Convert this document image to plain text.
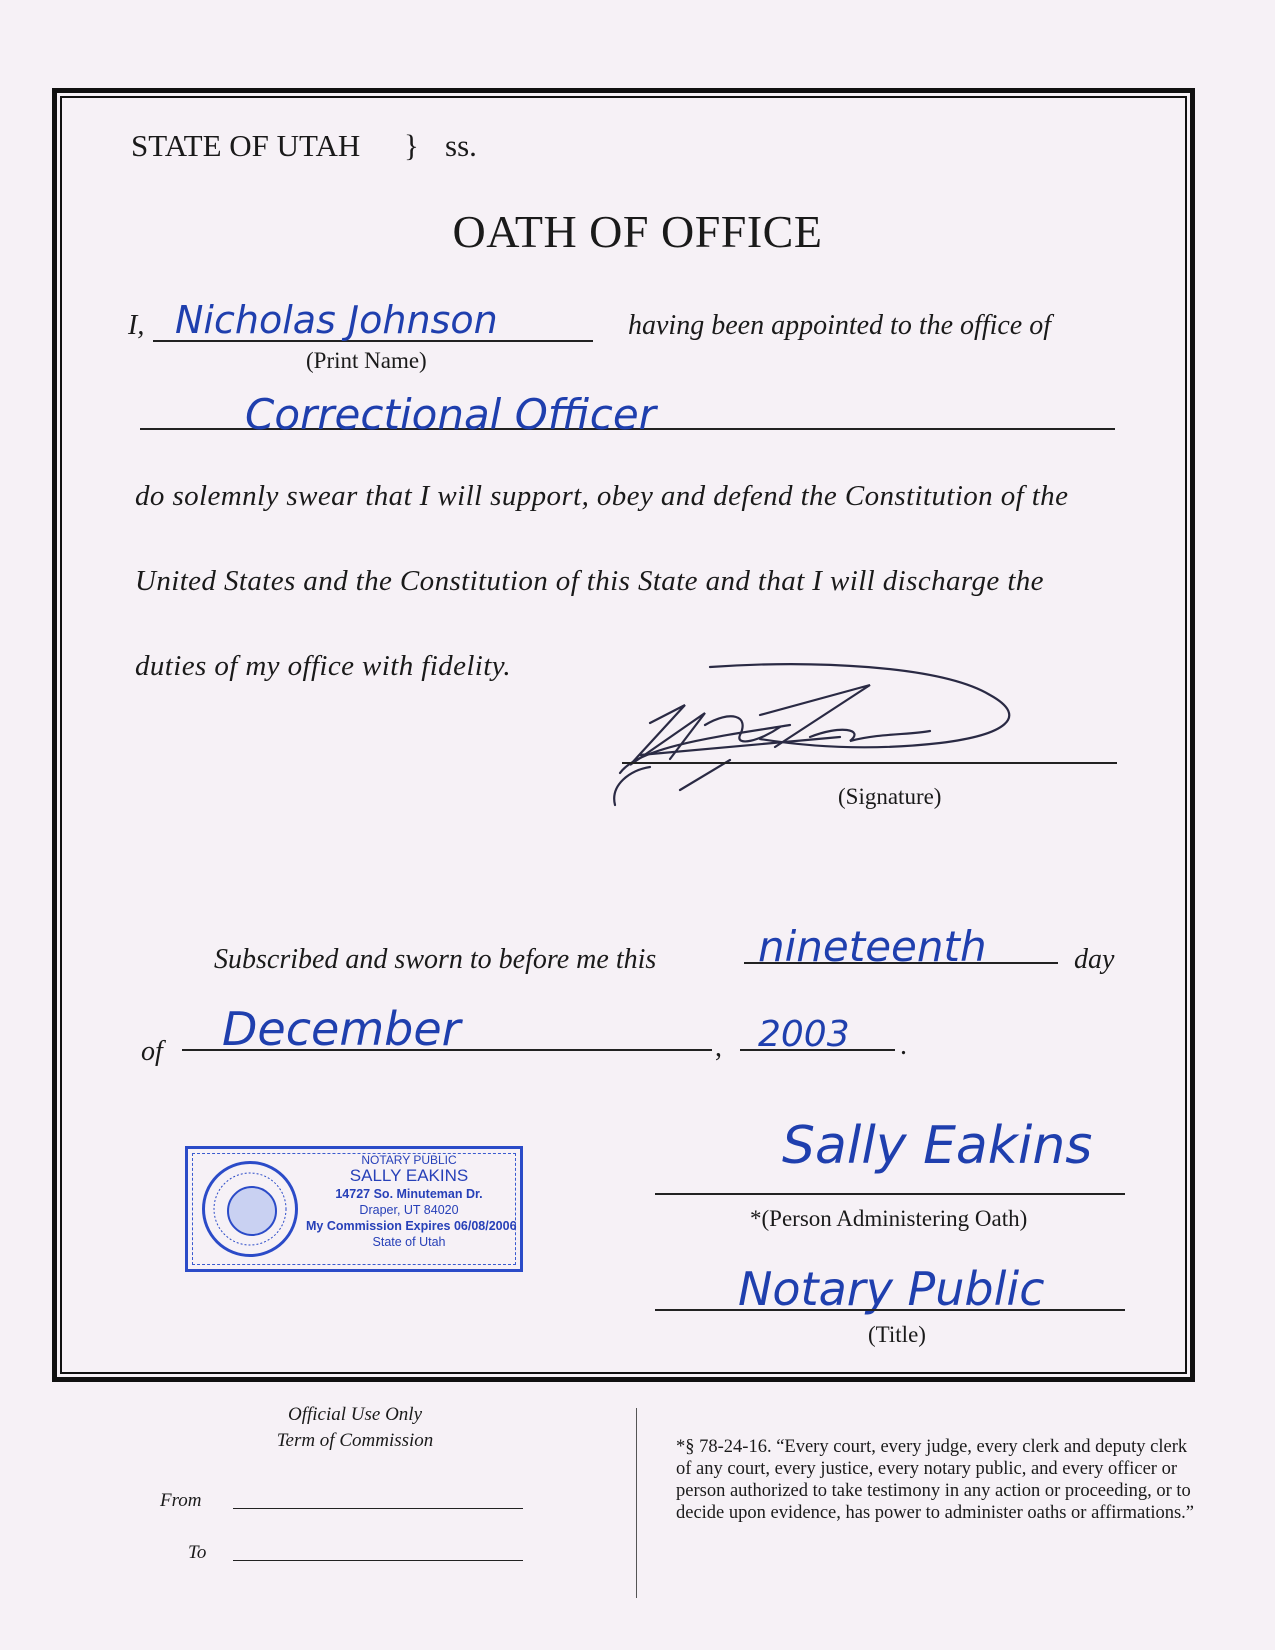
STATE OF UTAH } ss.
OATH OF OFFICE
I, Nicholas Johnson
(Print Name)
having been appointed to the office of
Correctional Officer
do solemnly swear that I will support, obey and defend the Constitution of the
United States and the Constitution of this State and that I will discharge the
duties of my office with fidelity.
(Signature)
Subscribed and sworn to before me this nineteenth	day
of December	, 2003 .
NOTARY PUBLIC
SALLY EAKINS
14727 So. Minuteman Dr.
Draper, UT 84020
My Commission Expires 06/08/2006
State of Utah
Sally Eakins
*(Person Administering Oath)
Notary Public
(Title)
Official Use Only
Term of Commission
From
To
*§ 78-24-16. “Every court, every judge, every clerk and deputy clerk of any court, every justice, every notary public, and every officer or person authorized to take testimony in any action or proceeding, or to decide upon evidence, has power to administer oaths or affirmations.”
